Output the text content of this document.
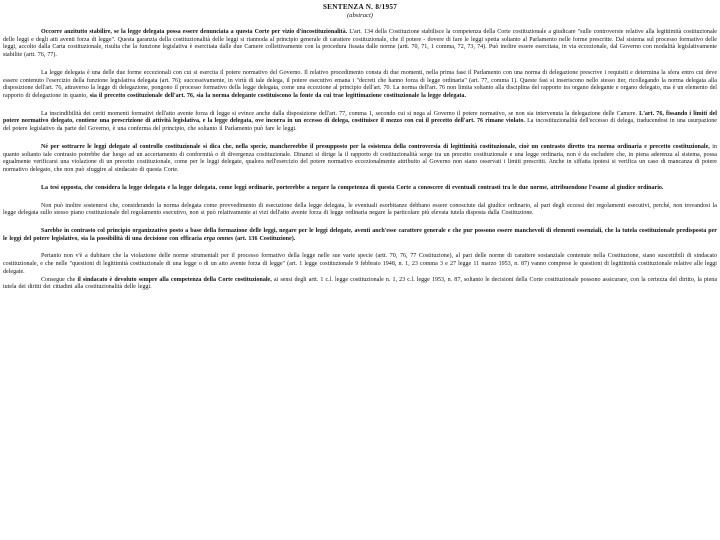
SENTENZA N. 8/1957
(abstract)

Occorre anzitutto stabilire, se la legge delegata possa essere denunciata a questa Corte per vizio d'incostituzionalità. L'art. 134 della Costituzione stabilisce la competenza della Corte costituzionale a giudicare "sulle controversie relative alla legittimità costituzionale delle leggi e degli atti aventi forza di legge". Questa garanzia della costituzionalità delle leggi si riannoda al principio generale di carattere costituzionale, che il potere - dovere di fare le leggi spetta soltanto al Parlamento nelle forme prescritte. Dal sistema sul processo formativo delle leggi, accolto dalla Carta costituzionale, risulta che la funzione legislativa è esercitata dalle due Camere collettivamente con la procedura fissata dalle norme (artt. 70, 71, 1 comma, 72, 73, 74). Può inoltre essere esercitata, in via eccezionale, dal Governo con modalità legislativamente stabilite (artt. 76, 77).

La legge delegata è una delle due forme eccezionali con cui si esercita il potere normativo del Governo. Il relativo procedimento consta di due momenti, nella prima fase il Parlamento con una norma di delegazione prescrive i requisiti e determina la sfera entro cui deve essere contenuto l'esercizio della funzione legislativa delegata (art. 76); successivamente, in virtù di tale delega, il potere esecutivo emana i "decreti che hanno forza di legge ordinaria" (art. 77, comma 1). Queste fasi si inseriscono nello stesso iter, ricollegando la norma delegata alla disposizione dell'art. 76, attraverso la legge di delegazione, pongono il processo formativo della legge delegata, come una eccezione al principio dell'art. 70. La norma dell'art. 76 non limita soltanto alla disciplina del rapporto tra organo delegante e organo delegato, ma è un elemento del rapporto di delegazione in quanto, sia il precetto costituzionale dell'art. 76, sia la norma delegante costituiscono la fonte da cui trae legittimazione costituzionale la legge delegata.

La inscindibilità dei ceriti momenti formativi dell'atto avente forza di legge si evince anche dalla disposizione dell'art. 77, comma 1, secondo cui si nega al Governo il potere normativo, se non sia intervenuta la delegazione delle Camere. L'art. 76, fissando i limiti del potere normativo delegato, contiene una prescrizione di attività legislativa, e la legge delegata, ove incorra in un eccesso di delega, costituisce il mezzo con cui il precetto dell'art. 76 rimane violato. La incostituzionalità dell'eccesso di delega, traducendosi in una usurpazione del potere legislativo da parte del Governo, è una conferma del principio, che soltanto il Parlamento può fare le leggi.

Né per sottrarre le leggi delegate al controllo costituzionale si dica che, nella specie, manchereebbe il presupposto per la esistenza della controversia di legittimità costituzionale, cioè un contrasto diretto tra norma ordinaria e precetto costituzionale, in quanto soltanto tale contrasto potrebbe dar luogo ad un accertamento di conformità o di divergenza costituzionale. Dinanzi si dirige la il rapporto di costituzionalità sorge tra un precetto costituzionale e una legge ordinaria, non è da escludere che, in piena aderenza al sistema, possa egualmente verificarsi una violazione di un precetto costituzionale, come per le leggi delegate, qualora nell'esercizio del potere normativo eccezionalmente attribuito al Governo non siano osservati i limiti prescritti. Anche in siffatta ipotesi si verifica un caso di mancanza di potere normativo delegato, che non può sfuggire al sindacato di questa Corte.

La tesi opposta, che considera la legge delegata e la legge delegata, come leggi ordinarie, porterebbe a negare la competenza di questa Corte a conoscere di eventuali contrasti tra le due norme, attribuendone l'esame al giudice ordinario.

Non può inoltre sostenersi che, considerando la norma delegata come provvedimento di esecuzione della legge delegata, le eventuali esorbitanze debbano essere conosciute dal giudice ordinario, al pari degli eccessi dei regolamenti esecutivi, perché, non trovandosi la legge delegata sullo stesso piano costituzionale del regolamento esecutivo, non si può relativamente ai vizi dell'atto avente forza di legge ordinaria negare la particolare più elevata tutela disposta dalla Costituzione.

Sarebbe in contrasto col principio organizzativo posto a base della formazione delle leggi, negare per le leggi delegate, aventi anch'esse carattere generale e che pur possono essere manchevoli di elementi essenziali, che la tutela costituzionale predisposta per le leggi del potere legislativo, sia la possibilità di una decisione con efficacia erga omnes (art. 136 Costituzione).

Pertanto non v'è a dubitare che la violazione delle norme strumentali per il processo formativo della legge nelle sue varie specie (artt. 70, 76, 77 Costituzione), al pari delle norme di carattere sostanziale contenute nella Costituzione, siano suscettibili di sindacato costituzionale, e che nelle "questioni di legittimità costituzionale di una legge o di un atto avente forza di legge" (art. 1 legge costituzionale 9 febbraio 1948, n. 1, 23 comma 3 e 27 legge 11 marzo 1953, n. 87) vanno comprese le questioni di legittimità costituzionale relative alle leggi delegate.

Consegue che il sindacato è devoluto sempre alla competenza della Corte costituzionale, ai sensi degli artt. 1 c.l. legge costituzionale n. 1, 23 c.l. legge 1953, n. 87, soltanto le decisioni della Corte costituzionale possono assicurare, con la certezza del diritto, la piena tutela dei diritti dei cittadini alla costituzionalità delle leggi.
